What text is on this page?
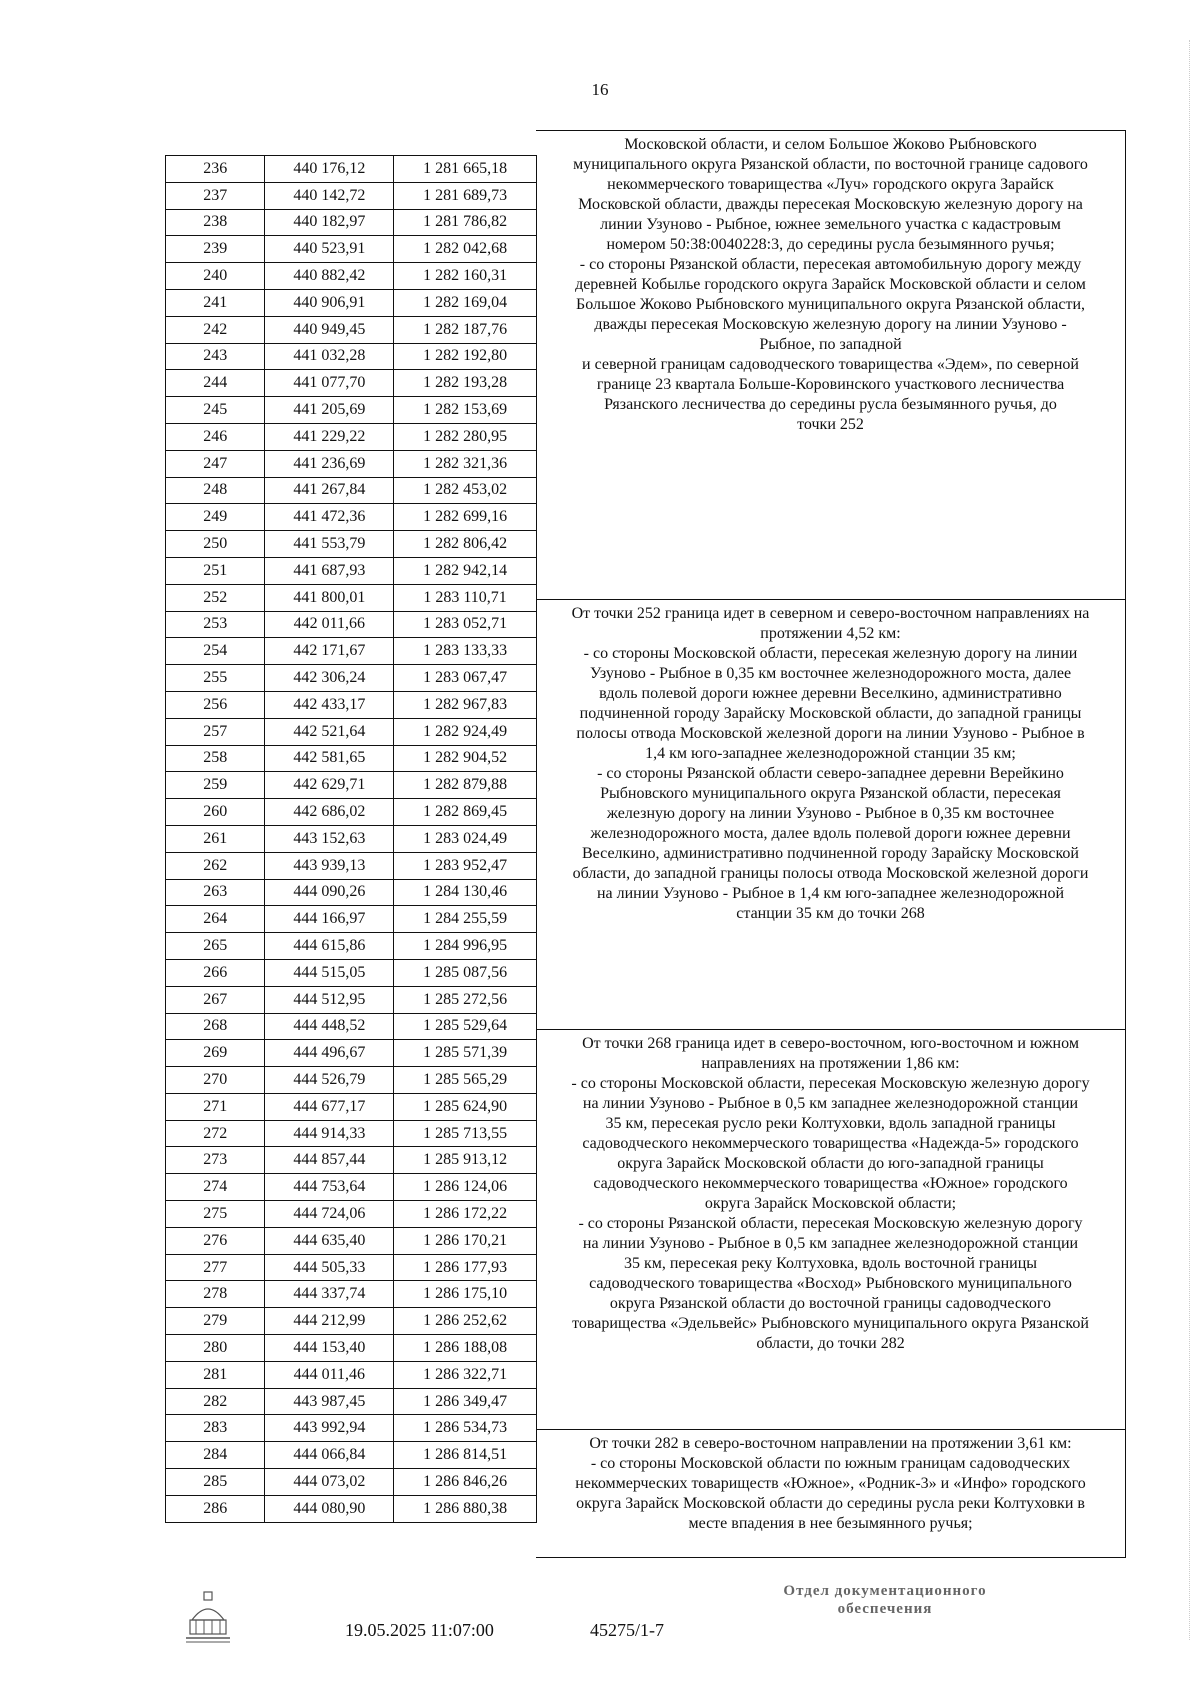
16
236	440 176,12	1 281 665,18
237	440 142,72	1 281 689,73
238	440 182,97	1 281 786,82
239	440 523,91	1 282 042,68
240	440 882,42	1 282 160,31
241	440 906,91	1 282 169,04
242	440 949,45	1 282 187,76
243	441 032,28	1 282 192,80
244	441 077,70	1 282 193,28
245	441 205,69	1 282 153,69
246	441 229,22	1 282 280,95
247	441 236,69	1 282 321,36
248	441 267,84	1 282 453,02
249	441 472,36	1 282 699,16
250	441 553,79	1 282 806,42
251	441 687,93	1 282 942,14
252	441 800,01	1 283 110,71
253	442 011,66	1 283 052,71
254	442 171,67	1 283 133,33
255	442 306,24	1 283 067,47
256	442 433,17	1 282 967,83
257	442 521,64	1 282 924,49
258	442 581,65	1 282 904,52
259	442 629,71	1 282 879,88
260	442 686,02	1 282 869,45
261	443 152,63	1 283 024,49
262	443 939,13	1 283 952,47
263	444 090,26	1 284 130,46
264	444 166,97	1 284 255,59
265	444 615,86	1 284 996,95
266	444 515,05	1 285 087,56
267	444 512,95	1 285 272,56
268	444 448,52	1 285 529,64
269	444 496,67	1 285 571,39
270	444 526,79	1 285 565,29
271	444 677,17	1 285 624,90
272	444 914,33	1 285 713,55
273	444 857,44	1 285 913,12
274	444 753,64	1 286 124,06
275	444 724,06	1 286 172,22
276	444 635,40	1 286 170,21
277	444 505,33	1 286 177,93
278	444 337,74	1 286 175,10
279	444 212,99	1 286 252,62
280	444 153,40	1 286 188,08
281	444 011,46	1 286 322,71
282	443 987,45	1 286 349,47
283	443 992,94	1 286 534,73
284	444 066,84	1 286 814,51
285	444 073,02	1 286 846,26
286	444 080,90	1 286 880,38
Московской области, и селом Большое Жоково Рыбновского
муниципального округа Рязанской области, по восточной границе садового
некоммерческого товарищества «Луч» городского округа Зарайск
Московской области, дважды пересекая Московскую железную дорогу на
линии Узуново - Рыбное, южнее земельного участка с кадастровым
номером 50:38:0040228:3, до середины русла безымянного ручья;
- со стороны Рязанской области, пересекая автомобильную дорогу между
деревней Кобылье городского округа Зарайск Московской области и селом
Большое Жоково Рыбновского муниципального округа Рязанской области,
дважды пересекая Московскую железную дорогу на линии Узуново -
Рыбное, по западной
и северной границам садоводческого товарищества «Эдем», по северной
границе 23 квартала Больше-Коровинского участкового лесничества
Рязанского лесничества до середины русла безымянного ручья, до
точки 252
От точки 252 граница идет в северном и северо-восточном направлениях на
протяжении 4,52 км:
- со стороны Московской области, пересекая железную дорогу на линии
Узуново - Рыбное в 0,35 км восточнее железнодорожного моста, далее
вдоль полевой дороги южнее деревни Веселкино, административно
подчиненной городу Зарайску Московской области, до западной границы
полосы отвода Московской железной дороги на линии Узуново - Рыбное в
1,4 км юго-западнее железнодорожной станции 35 км;
- со стороны Рязанской области северо-западнее деревни Верейкино
Рыбновского муниципального округа Рязанской области, пересекая
железную дорогу на линии Узуново - Рыбное в 0,35 км восточнее
железнодорожного моста, далее вдоль полевой дороги южнее деревни
Веселкино, административно подчиненной городу Зарайску Московской
области, до западной границы полосы отвода Московской железной дороги
на линии Узуново - Рыбное в 1,4 км юго-западнее железнодорожной
станции 35 км до точки 268
От точки 268 граница идет в северо-восточном, юго-восточном и южном
направлениях на протяжении 1,86 км:
- со стороны Московской области, пересекая Московскую железную дорогу
на линии Узуново - Рыбное в 0,5 км западнее железнодорожной станции
35 км, пересекая русло реки Колтуховки, вдоль западной границы
садоводческого некоммерческого товарищества «Надежда-5» городского
округа Зарайск Московской области до юго-западной границы
садоводческого некоммерческого товарищества «Южное» городского
округа Зарайск Московской области;
- со стороны Рязанской области, пересекая Московскую железную дорогу
на линии Узуново - Рыбное в 0,5 км западнее железнодорожной станции
35 км, пересекая реку Колтуховка, вдоль восточной границы
садоводческого товарищества «Восход» Рыбновского муниципального
округа Рязанской области до восточной границы садоводческого
товарищества «Эдельвейс» Рыбновского муниципального округа Рязанской
области, до точки 282
От точки 282 в северо-восточном направлении на протяжении 3,61 км:
- со стороны Московской области по южным границам садоводческих
некоммерческих товариществ «Южное», «Родник-3» и «Инфо» городского
округа Зарайск Московской области до середины русла реки Колтуховки в
месте впадения в нее безымянного ручья;
19.05.2025 11:07:00	45275/1-7
Отдел документационного
обеспечения
